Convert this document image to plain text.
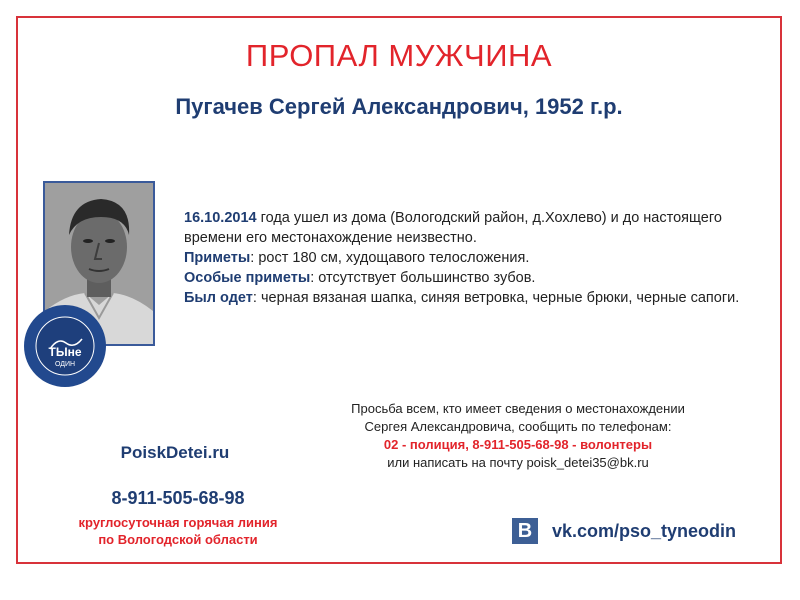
ПРОПАЛ МУЖЧИНА
Пугачев Сергей Александрович, 1952 г.р.
ТЫне
ОДИН
16.10.2014 года ушел из дома (Вологодский район, д.Хохлево) и до настоящего времени его местонахождение неизвестно.
Приметы: рост 180 см, худощавого телосложения.
Особые приметы: отсутствует большинство зубов.
Был одет: черная вязаная шапка, синяя ветровка, черные брюки, черные сапоги.
Просьба всем, кто имеет сведения о местонахождении
Сергея Александровича, сообщить по телефонам:
02 - полиция, 8-911-505-68-98 - волонтеры
или написать на почту poisk_detei35@bk.ru
PoiskDetei.ru
8-911-505-68-98
круглосуточная горячая линия
по Вологодской области	В	vk.com/pso_tyneodin
